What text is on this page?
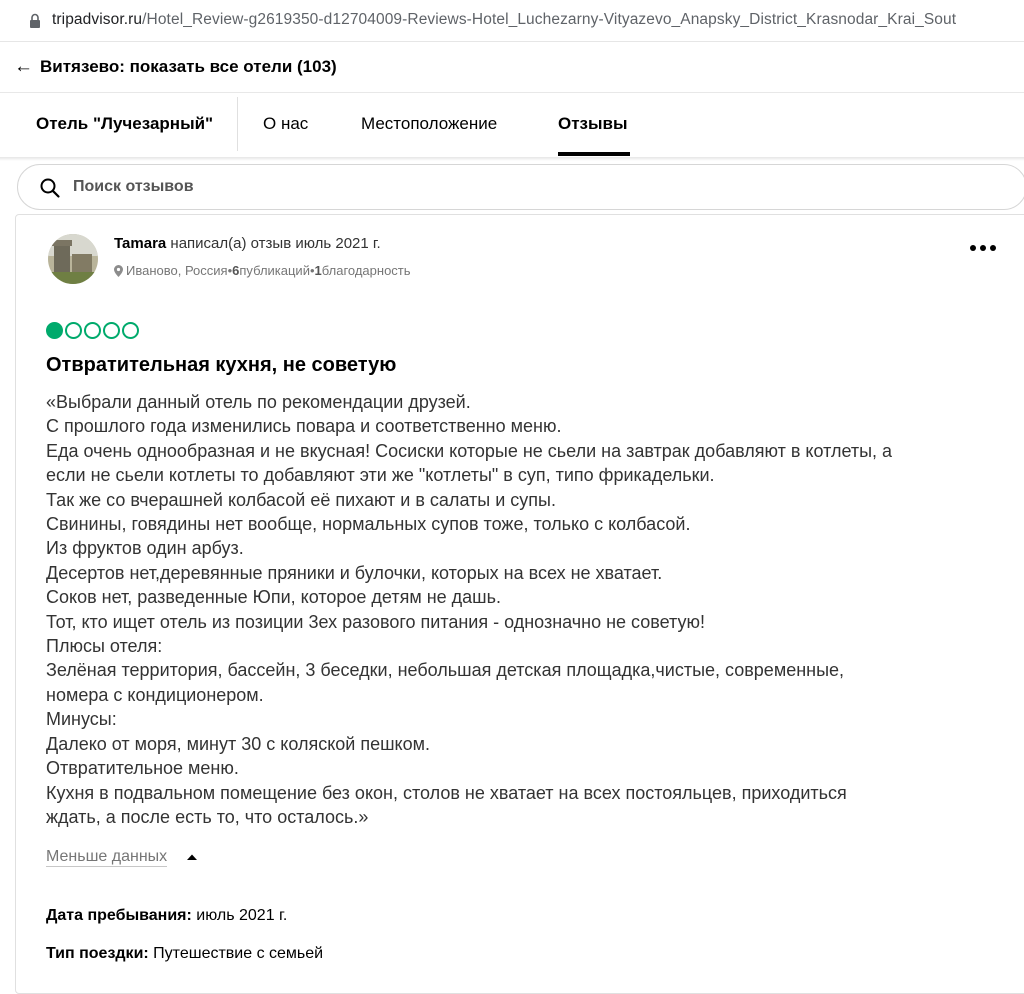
tripadvisor.ru/Hotel_Review-g2619350-d12704009-Reviews-Hotel_Luchezarny-Vityazevo_Anapsky_District_Krasnodar_Krai_Sout
← Витязево: показать все отели (103)
Отель "Лучезарный"	О нас	Местоположение	Отзывы
Поиск отзывов
Tamara написал(а) отзыв июль 2021 г.
Иваново, Россия • 6 публикаций • 1 благодарность
Отвратительная кухня, не советую
«Выбрали данный отель по рекомендации друзей.
С прошлого года изменились повара и соответственно меню.
Еда очень однообразная и не вкусная! Сосиски которые не сьели на завтрак добавляют в котлеты, а
если не сьели котлеты то добавляют эти же "котлеты" в суп, типо фрикадельки.
Так же со вчерашней колбасой её пихают и в салаты и супы.
Свинины, говядины нет вообще, нормальных супов тоже, только с колбасой.
Из фруктов один арбуз.
Десертов нет,деревянные пряники и булочки, которых на всех не хватает.
Соков нет, разведенные Юпи, которое детям не дашь.
Тот, кто ищет отель из позиции 3ех разового питания - однозначно не советую!
Плюсы отеля:
Зелёная территория, бассейн, 3 беседки, небольшая детская площадка,чистые, современные,
номера с кондиционером.
Минусы:
Далеко от моря, минут 30 с коляской пешком.
Отвратительное меню.
Кухня в подвальном помещение без окон, столов не хватает на всех постояльцев, приходиться
ждать, а после есть то, что осталось.»
Меньше данных
Дата пребывания: июль 2021 г.
Тип поездки: Путешествие с семьей
